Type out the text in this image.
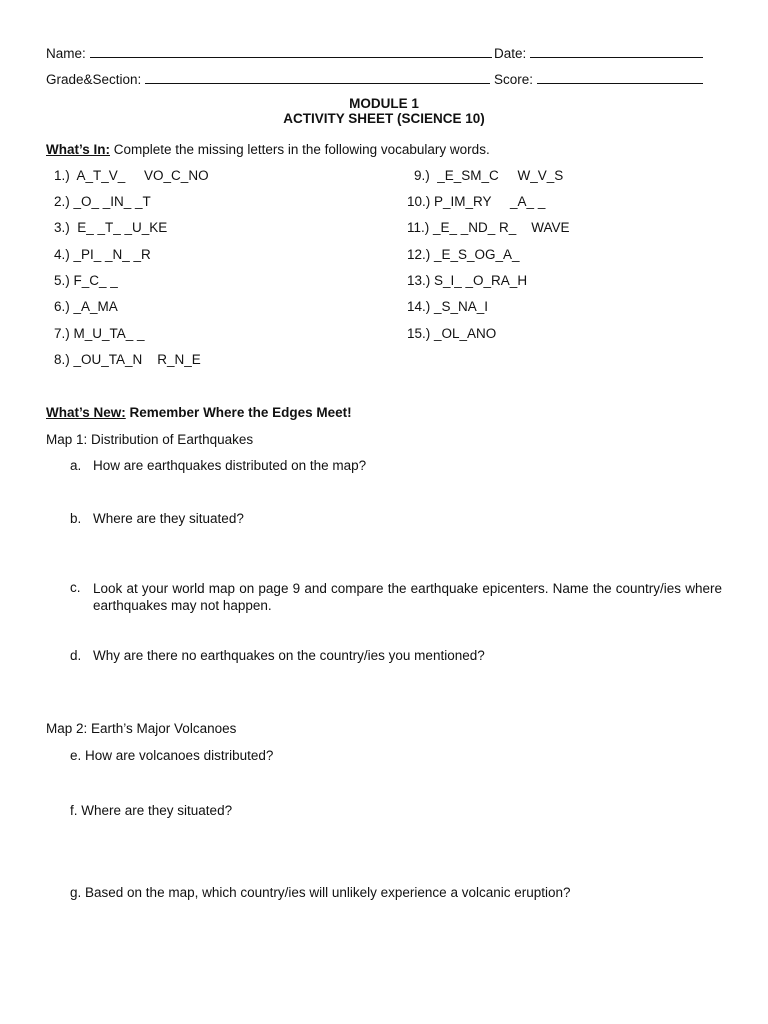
Name:	Date:
Grade&Section:	Score:
MODULE 1
ACTIVITY SHEET (SCIENCE 10)
What’s In: Complete the missing letters in the following vocabulary words.
1.)  A_T_V_     VO_C_NO
2.) _O_ _IN_ _T
3.)  E_ _T_ _U_KE
4.) _PI_ _N_ _R
5.) F_C_ _
6.) _A_MA
7.) M_U_TA_ _
8.) _OU_TA_N    R_N_E
9.)  _E_SM_C     W_V_S
10.) P_IM_RY     _A_ _
11.) _E_ _ND_ R_    WAVE
12.) _E_S_OG_A_
13.) S_I_ _O_RA_H
14.) _S_NA_I
15.) _OL_ANO
What’s New: Remember Where the Edges Meet!
Map 1: Distribution of Earthquakes
a. How are earthquakes distributed on the map?
b. Where are they situated?
c. Look at your world map on page 9 and compare the earthquake epicenters. Name the country/ies where earthquakes may not happen.
d. Why are there no earthquakes on the country/ies you mentioned?
Map 2: Earth’s Major Volcanoes
e. How are volcanoes distributed?
f. Where are they situated?
g. Based on the map, which country/ies will unlikely experience a volcanic eruption?
